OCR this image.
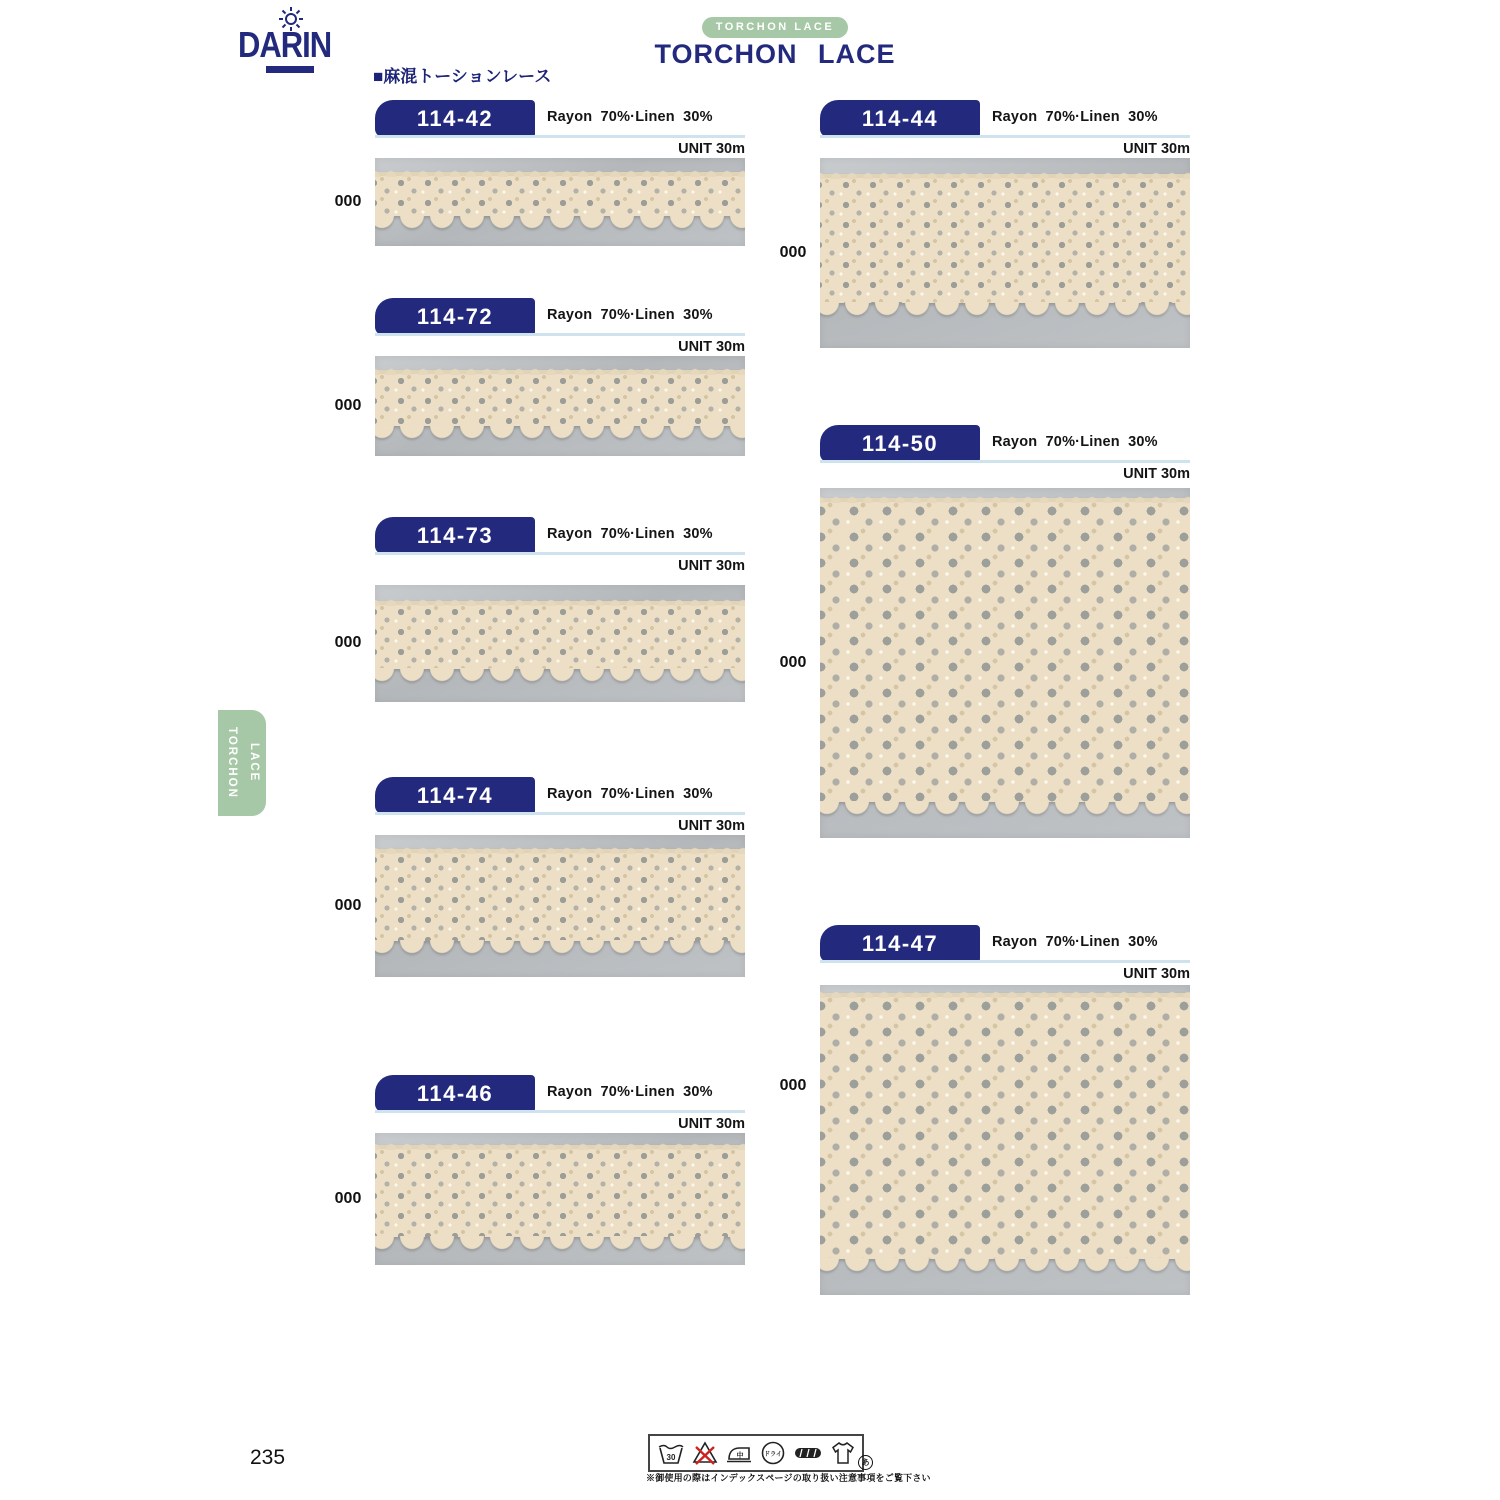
DARIN	TORCHON LACE
TORCHON LACE
■麻混トーションレース
TORCHON LACE
114-42	Rayon 70%·Linen 30%
UNIT 30m
000
114-72	Rayon 70%·Linen 30%
UNIT 30m
000
114-73	Rayon 70%·Linen 30%
UNIT 30m
000
114-74	Rayon 70%·Linen 30%
UNIT 30m
000
114-46	Rayon 70%·Linen 30%
UNIT 30m
000
114-44	Rayon 70%·Linen 30%
UNIT 30m
000
114-50	Rayon 70%·Linen 30%
UNIT 30m
000
114-47	Rayon 70%·Linen 30%
UNIT 30m
000
235	30	中	ドライ
あ
※御使用の際はインデックスページの取り扱い注意事項をご覧下さい
